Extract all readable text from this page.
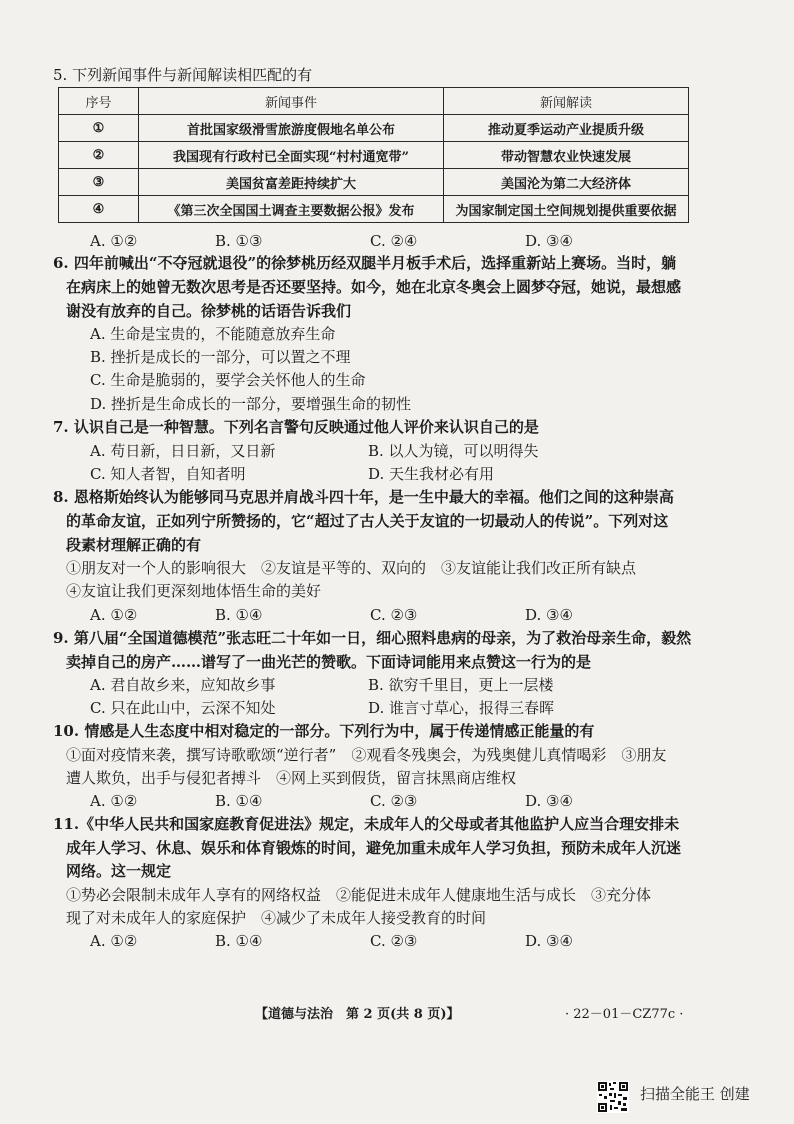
5. 下列新闻事件与新闻解读相匹配的有
序号	新闻事件	新闻解读
①	首批国家级滑雪旅游度假地名单公布	推动夏季运动产业提质升级
②	我国现有行政村已全面实现“村村通宽带”	带动智慧农业快速发展
③	美国贫富差距持续扩大	美国沦为第二大经济体
④	《第三次全国国土调查主要数据公报》发布	为国家制定国土空间规划提供重要依据
A. ①②	B. ①③	C. ②④	D. ③④
6. 四年前喊出“不夺冠就退役”的徐梦桃历经双腿半月板手术后，选择重新站上赛场。当时，躺
在病床上的她曾无数次思考是否还要坚持。如今，她在北京冬奥会上圆梦夺冠，她说，最想感
谢没有放弃的自己。徐梦桃的话语告诉我们
A. 生命是宝贵的，不能随意放弃生命
B. 挫折是成长的一部分，可以置之不理
C. 生命是脆弱的，要学会关怀他人的生命
D. 挫折是生命成长的一部分，要增强生命的韧性
7. 认识自己是一种智慧。下列名言警句反映通过他人评价来认识自己的是
A. 苟日新，日日新，又日新	B. 以人为镜，可以明得失
C. 知人者智，自知者明	D. 天生我材必有用
8. 恩格斯始终认为能够同马克思并肩战斗四十年，是一生中最大的幸福。他们之间的这种崇高
的革命友谊，正如列宁所赞扬的，它“超过了古人关于友谊的一切最动人的传说”。下列对这
段素材理解正确的有
①朋友对一个人的影响很大　②友谊是平等的、双向的　③友谊能让我们改正所有缺点
④友谊让我们更深刻地体悟生命的美好
A. ①②	B. ①④	C. ②③	D. ③④
9. 第八届“全国道德模范”张志旺二十年如一日，细心照料患病的母亲，为了救治母亲生命，毅然
卖掉自己的房产……谱写了一曲光芒的赞歌。下面诗词能用来点赞这一行为的是
A. 君自故乡来，应知故乡事	B. 欲穷千里目，更上一层楼
C. 只在此山中，云深不知处	D. 谁言寸草心，报得三春晖
10. 情感是人生态度中相对稳定的一部分。下列行为中，属于传递情感正能量的有
①面对疫情来袭，撰写诗歌歌颂“逆行者”　②观看冬残奥会，为残奥健儿真情喝彩　③朋友
遭人欺负，出手与侵犯者搏斗　④网上买到假货，留言抹黑商店维权
A. ①②	B. ①④	C. ②③	D. ③④
11.《中华人民共和国家庭教育促进法》规定，未成年人的父母或者其他监护人应当合理安排未
成年人学习、休息、娱乐和体育锻炼的时间，避免加重未成年人学习负担，预防未成年人沉迷
网络。这一规定
①势必会限制未成年人享有的网络权益　②能促进未成年人健康地生活与成长　③充分体
现了对未成年人的家庭保护　④减少了未成年人接受教育的时间
A. ①②	B. ①④	C. ②③	D. ③④
【道德与法治　第 2 页(共 8 页)】	· 22－01－CZ77c ·
扫描全能王 创建
